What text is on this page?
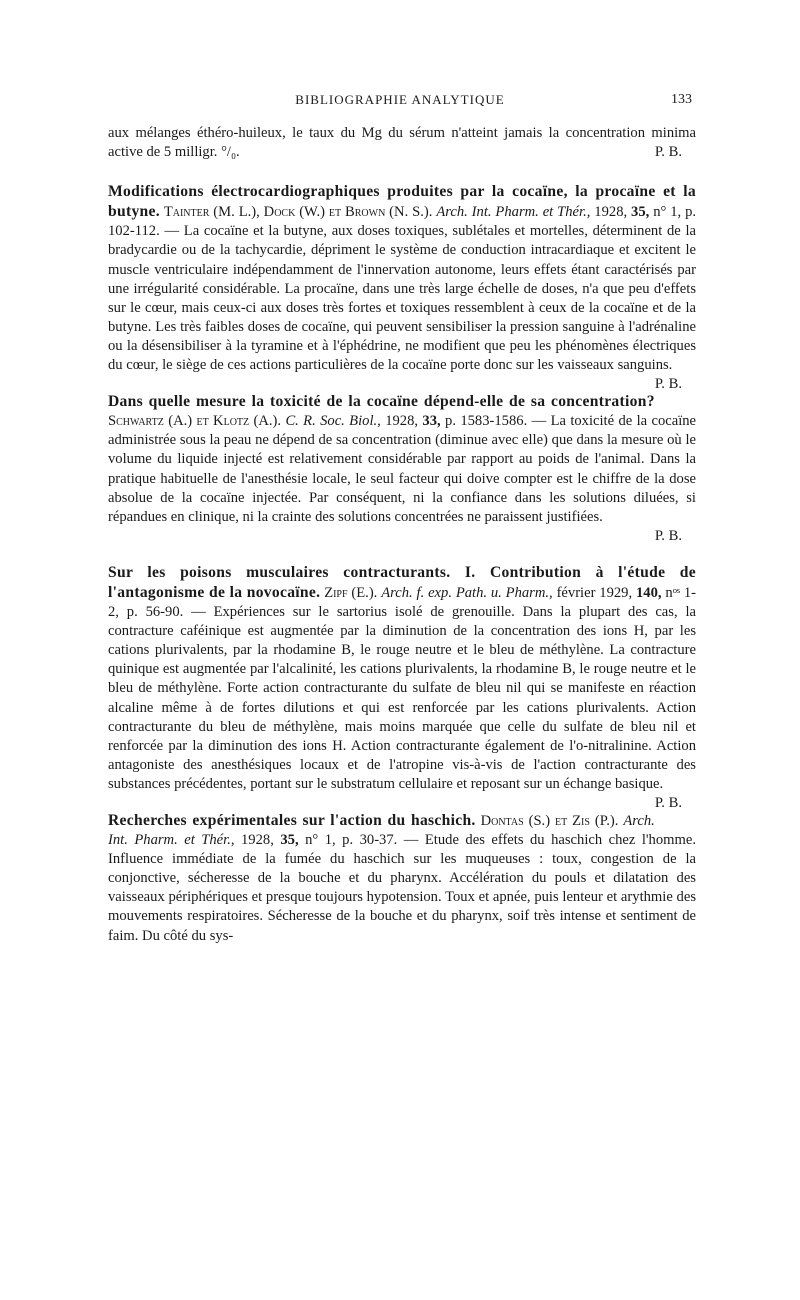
BIBLIOGRAPHIE ANALYTIQUE	133

aux mélanges éthéro-huileux, le taux du Mg du sérum n'atteint jamais la concentration minima active de 5 milligr. °/₀.	P. B.

Modifications électrocardiographiques produites par la cocaïne, la procaïne et la butyne. Tainter (M. L.), Dock (W.) et Brown (N. S.). Arch. Int. Pharm. et Thér., 1928, 35, n° 1, p. 102-112. — La cocaïne et la butyne, aux doses toxiques, sublétales et mortelles, déterminent de la bradycardie ou de la tachycardie, dépriment le système de conduction intracardiaque et excitent le muscle ventriculaire indépendamment de l'innervation autonome, leurs effets étant caractérisés par une irrégularité considérable. La procaïne, dans une très large échelle de doses, n'a que peu d'effets sur le cœur, mais ceux-ci aux doses très fortes et toxiques ressemblent à ceux de la cocaïne et de la butyne. Les très faibles doses de cocaïne, qui peuvent sensibiliser la pression sanguine à l'adrénaline ou la désensibiliser à la tyramine et à l'éphédrine, ne modifient que peu les phénomènes électriques du cœur, le siège de ces actions particulières de la cocaïne porte donc sur les vaisseaux sanguins.
P. B.

Dans quelle mesure la toxicité de la cocaïne dépend-elle de sa concentration? Schwartz (A.) et Klotz (A.). C. R. Soc. Biol., 1928, 33, p. 1583-1586. — La toxicité de la cocaïne administrée sous la peau ne dépend de sa concentration (diminue avec elle) que dans la mesure où le volume du liquide injecté est relativement considérable par rapport au poids de l'animal. Dans la pratique habituelle de l'anesthésie locale, le seul facteur qui doive compter est le chiffre de la dose absolue de la cocaïne injectée. Par conséquent, ni la confiance dans les solutions diluées, si répandues en clinique, ni la crainte des solutions concentrées ne paraissent justifiées.

P. B.

Sur les poisons musculaires contracturants. I. Contribution à l'étude de l'antagonisme de la novocaïne. Zipf (E.). Arch. f. exp. Path. u. Pharm., février 1929, 140, nᵒˢ 1-2, p. 56-90. — Expériences sur le sartorius isolé de grenouille. Dans la plupart des cas, la contracture caféinique est augmentée par la diminution de la concentration des ions H, par les cations plurivalents, par la rhodamine B, le rouge neutre et le bleu de méthylène. La contracture quinique est augmentée par l'alcalinité, les cations plurivalents, la rhodamine B, le rouge neutre et le bleu de méthylène. Forte action contracturante du sulfate de bleu nil qui se manifeste en réaction alcaline même à de fortes dilutions et qui est renforcée par les cations plurivalents. Action contracturante du bleu de méthylène, mais moins marquée que celle du sulfate de bleu nil et renforcée par la diminution des ions H. Action contracturante également de l'o-nitralinine. Action antagoniste des anesthésiques locaux et de l'atropine vis-à-vis de l'action contracturante des substances précédentes, portant sur le substratum cellulaire et reposant sur un échange basique.
P. B.

Recherches expérimentales sur l'action du haschich. Dontas (S.) et Zis (P.). Arch. Int. Pharm. et Thér., 1928, 35, n° 1, p. 30-37. — Etude des effets du haschich chez l'homme. Influence immédiate de la fumée du haschich sur les muqueuses : toux, congestion de la conjonctive, sécheresse de la bouche et du pharynx. Accélération du pouls et dilatation des vaisseaux périphériques et presque toujours hypotension. Toux et apnée, puis lenteur et arythmie des mouvements respiratoires. Sécheresse de la bouche et du pharynx, soif très intense et sentiment de faim. Du côté du sys-
